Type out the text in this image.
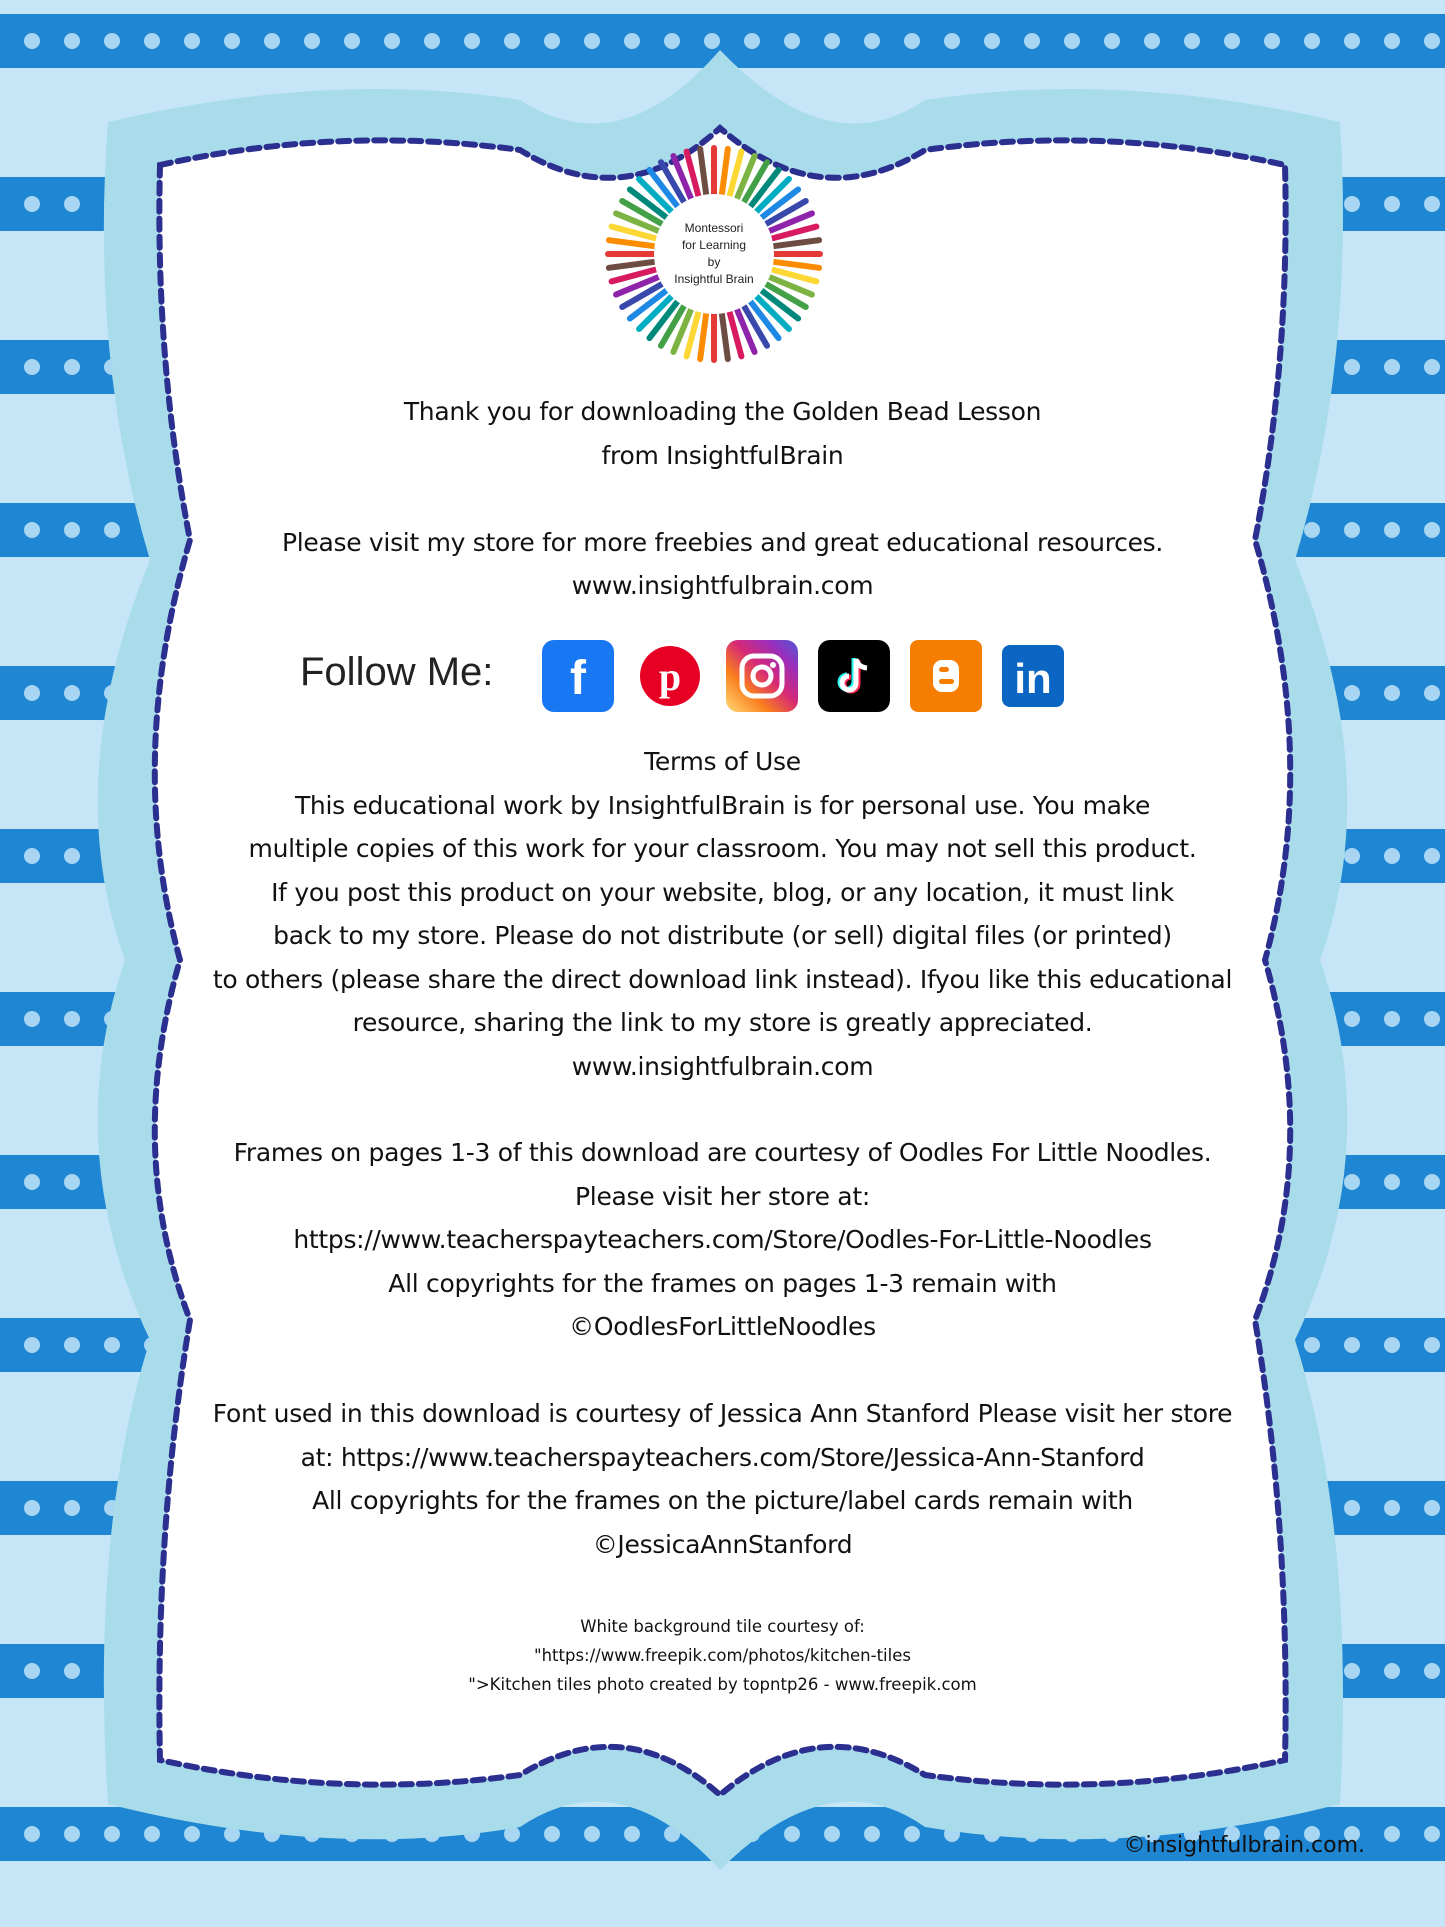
Montessori
for Learning
by
Insightful Brain

Thank you for downloading the Golden Bead Lesson
from InsightfulBrain

Please visit my store for more freebies and great educational resources.
www.insightfulbrain.com

Follow Me: f p	in

Terms of Use
This educational work by InsightfulBrain is for personal use. You make
multiple copies of this work for your classroom. You may not sell this product.
If you post this product on your website, blog, or any location, it must link
back to my store. Please do not distribute (or sell) digital files (or printed)
to others (please share the direct download link instead). Ifyou like this educational
resource, sharing the link to my store is greatly appreciated.
www.insightfulbrain.com

Frames on pages 1-3 of this download are courtesy of Oodles For Little Noodles.
Please visit her store at:
https://www.teacherspayteachers.com/Store/Oodles-For-Little-Noodles
All copyrights for the frames on pages 1-3 remain with
©OodlesForLittleNoodles

Font used in this download is courtesy of Jessica Ann Stanford Please visit her store
at: https://www.teacherspayteachers.com/Store/Jessica-Ann-Stanford
All copyrights for the frames on the picture/label cards remain with
©JessicaAnnStanford

White background tile courtesy of:
"https://www.freepik.com/photos/kitchen-tiles
">Kitchen tiles photo created by topntp26 - www.freepik.com

©insightfulbrain.com.
